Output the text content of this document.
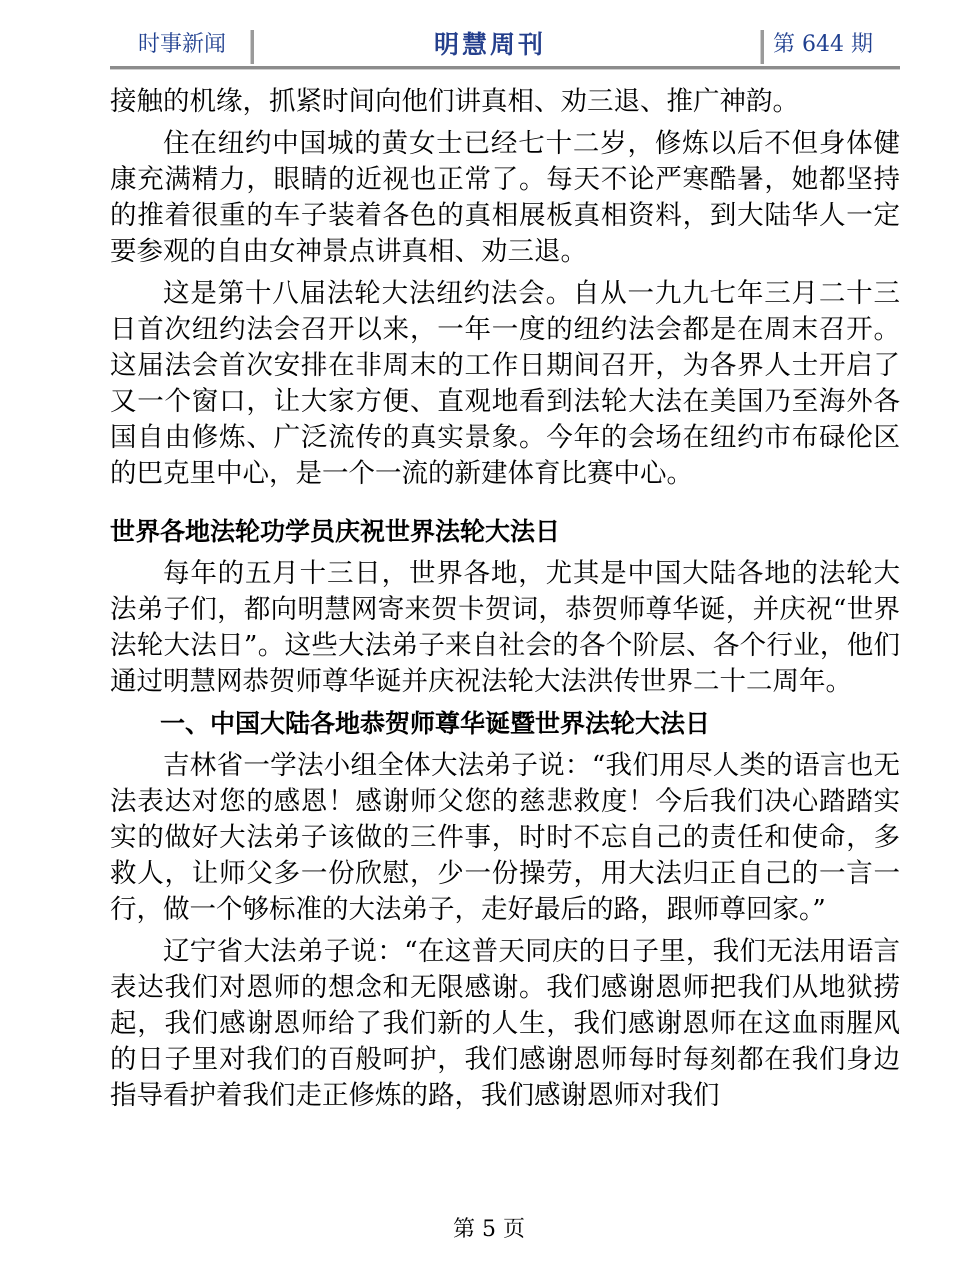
时事新闻	明慧周刊	第 644 期

接触的机缘，抓紧时间向他们讲真相、劝三退、推广神韵。

住在纽约中国城的黄女士已经七十二岁，修炼以后不但身体健康充满精力，眼睛的近视也正常了。每天不论严寒酷暑，她都坚持的推着很重的车子装着各色的真相展板真相资料，到大陆华人一定要参观的自由女神景点讲真相、劝三退。

这是第十八届法轮大法纽约法会。自从一九九七年三月二十三日首次纽约法会召开以来，一年一度的纽约法会都是在周末召开。这届法会首次安排在非周末的工作日期间召开，为各界人士开启了又一个窗口，让大家方便、直观地看到法轮大法在美国乃至海外各国自由修炼、广泛流传的真实景象。今年的会场在纽约市布碌伦区的巴克里中心，是一个一流的新建体育比赛中心。

世界各地法轮功学员庆祝世界法轮大法日

每年的五月十三日，世界各地，尤其是中国大陆各地的法轮大法弟子们，都向明慧网寄来贺卡贺词，恭贺师尊华诞，并庆祝“世界法轮大法日”。这些大法弟子来自社会的各个阶层、各个行业，他们通过明慧网恭贺师尊华诞并庆祝法轮大法洪传世界二十二周年。

一、中国大陆各地恭贺师尊华诞暨世界法轮大法日

吉林省一学法小组全体大法弟子说：“我们用尽人类的语言也无法表达对您的感恩！感谢师父您的慈悲救度！今后我们决心踏踏实实的做好大法弟子该做的三件事，时时不忘自己的责任和使命，多救人，让师父多一份欣慰，少一份操劳，用大法归正自己的一言一行，做一个够标准的大法弟子，走好最后的路，跟师尊回家。”

辽宁省大法弟子说：“在这普天同庆的日子里，我们无法用语言表达我们对恩师的想念和无限感谢。我们感谢恩师把我们从地狱捞起，我们感谢恩师给了我们新的人生，我们感谢恩师在这血雨腥风的日子里对我们的百般呵护，我们感谢恩师每时每刻都在我们身边指导看护着我们走正修炼的路，我们感谢恩师对我们

第 5 页
